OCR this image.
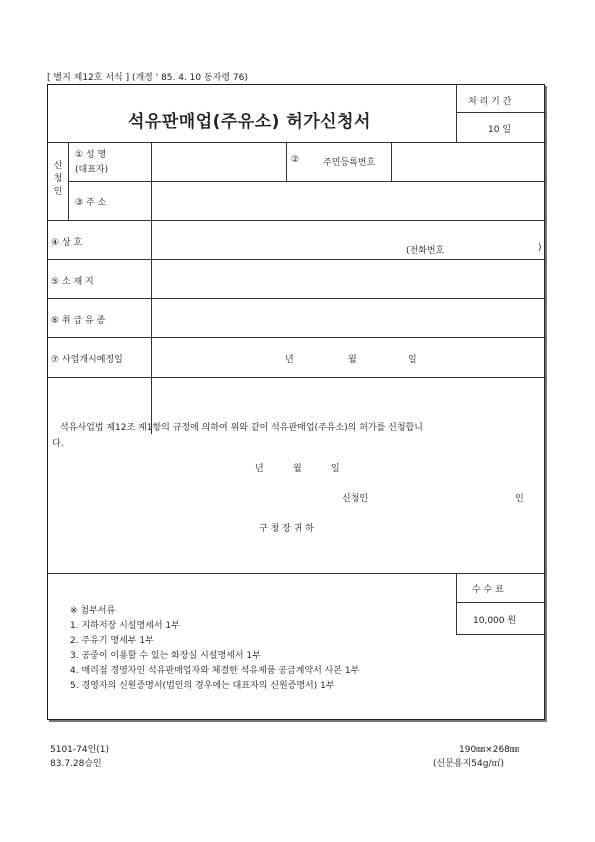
[ 별지 제12호 서식 ] (개정 ' 85. 4. 10 동자령 76)
석유판매업(주유소) 허가신청서
처 리 기 간
10 일
신
청
인
① 성 명
(대표자)
②	주민등록번호
③ 주 소
④ 상 호
(전화번호	)
⑤ 소 재 지
⑥ 취 급 유 종
⑦ 사업개시예정일	년	월	일
석유사업법 제12조 제1항의 규정에 의하여 위와 같이 석유판매업(주유소)의 허가를 신청합니
다.
년	월	일
신청인	인
구 청 장 귀 하
수 수 료
10,000 원
※ 첨부서류
1. 지하저장 시설명세서 1부
2. 주유기 명세부 1부
3. 공중이 이용할 수 있는 화장실 시설명세서 1부
4. 매리점 경영자인 석유판매업자와 체결한 석유제품 공급계약서 사본 1부
5. 경영자의 신원증명서(법인의 경우에는 대표자의 신원증명서) 1부
5101-74인(1)
83.7.28승인
190㎜×268㎜
(신문용지54g/㎡)
